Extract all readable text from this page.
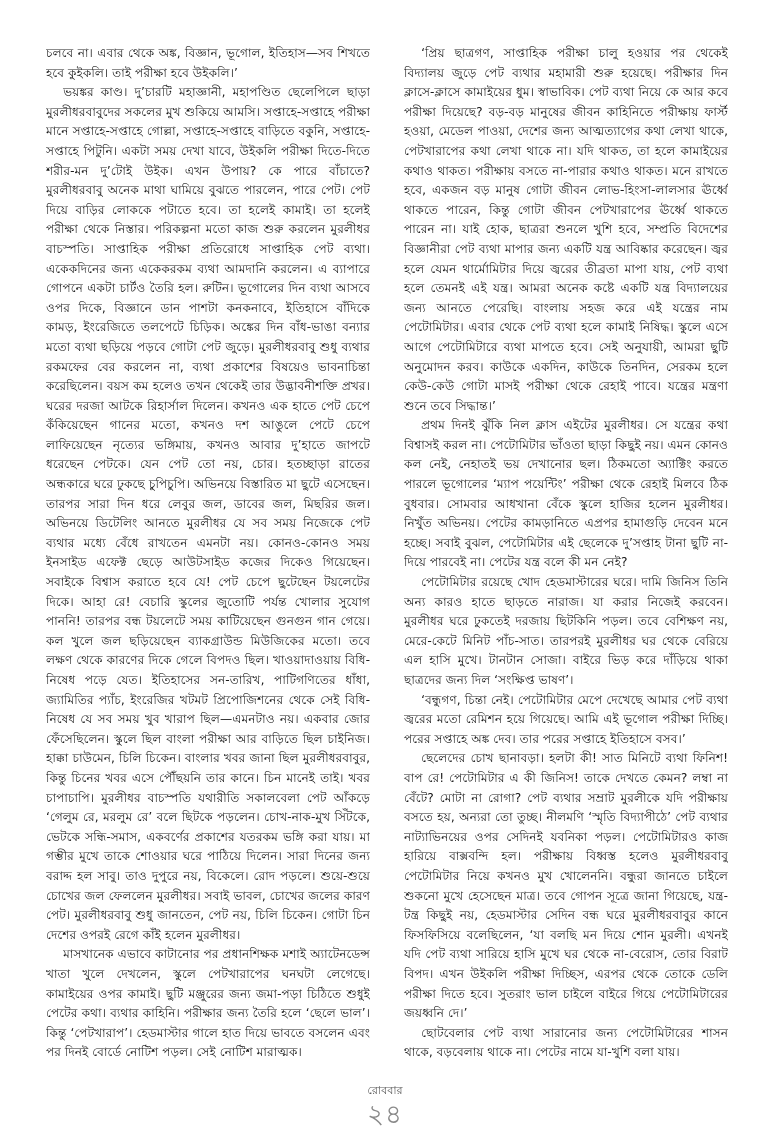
চলবে না। এবার থেকে অঙ্ক, বিজ্ঞান, ভূগোল, ইতিহাস—সব শিখতে হবে কুইকলি। তাই পরীক্ষা হবে উইকলি।’

ভয়ঙ্কর কাণ্ড। দু’চারটি মহাজ্ঞানী, মহাপণ্ডিত ছেলেপিলে ছাড়া মুরলীধরবাবুদের সকলের মুখ শুকিয়ে আমসি। সপ্তাহে-সপ্তাহে পরীক্ষা মানে সপ্তাহে-সপ্তাহে গোল্লা, সপ্তাহে-সপ্তাহে বাড়িতে বকুনি, সপ্তাহে-সপ্তাহে পিটুনি। একটা সময় দেখা যাবে, উইকলি পরীক্ষা দিতে-দিতে শরীর-মন দু’টোই উইক। এখন উপায়? কে পারে বাঁচাতে? মুরলীধরবাবু অনেক মাথা ঘামিয়ে বুঝতে পারলেন, পারে পেট। পেট দিয়ে বাড়ির লোককে পটাতে হবে। তা হলেই কামাই। তা হলেই পরীক্ষা থেকে নিস্তার। পরিকল্পনা মতো কাজ শুরু করলেন মুরলীধর বাচস্পতি। সাপ্তাহিক পরীক্ষা প্রতিরোধে সাপ্তাহিক পেট ব্যথা। একেকদিনের জন্য একেকরকম ব্যথা আমদানি করলেন। এ ব্যাপারে গোপনে একটা চার্টও তৈরি হল। রুটিন। ভূগোলের দিন ব্যথা আসবে ওপর দিকে, বিজ্ঞানে ডান পাশটা কনকনাবে, ইতিহাসে বাঁদিকে কামড়, ইংরেজিতে তলপেটে চিড়িক। অঙ্কের দিন বাঁধ-ভাঙা বন্যার মতো ব্যথা ছড়িয়ে পড়বে গোটা পেট জুড়ে। মুরলীধরবাবু শুধু ব্যথার রকমফের বের করলেন না, ব্যথা প্রকাশের বিষয়েও ভাবনাচিন্তা করেছিলেন। বয়স কম হলেও তখন থেকেই তার উদ্ভাবনীশক্তি প্রখর। ঘরের দরজা আটকে রিহার্সাল দিলেন। কখনও এক হাতে পেট চেপে কঁকিয়েছেন গানের মতো, কখনও দশ আঙুলে পেটে চেপে লাফিয়েছেন নৃত্যের ভঙ্গিমায়, কখনও আবার দু’হাতে জাপটে ধরেছেন পেটকে। যেন পেট তো নয়, চোর। হতচ্ছাড়া রাতের অন্ধকারে ঘরে ঢুকছে চুপিচুপি। অভিনয়ে বিস্তারিত মা ছুটে এসেছেন। তারপর সারা দিন ধরে লেবুর জল, ডাবের জল, মিছরির জল। অভিনয়ে ডিটেলিং আনতে মুরলীধর যে সব সময় নিজেকে পেট ব্যথার মধ্যে বেঁধে রাখতেন এমনটা নয়। কোনও-কোনও সময় ইনসাইড এফেক্ট ছেড়ে আউটসাইড কজের দিকেও গিয়েছেন। সবাইকে বিশ্বাস করাতে হবে যে! পেট চেপে ছুটেছেন টয়লেটের দিকে। আহা রে! বেচারি স্কুলের জুতোটি পর্যন্ত খোলার সুযোগ পাননি! তারপর বন্ধ টয়লেটে সময় কাটিয়েছেন গুনগুন গান গেয়ে। কল খুলে জল ছড়িয়েছেন ব্যাকগ্রাউন্ড মিউজিকের মতো। তবে লক্ষণ থেকে কারণের দিকে গেলে বিপদও ছিল। খাওয়াদাওয়ায় বিধি-নিষেধ পড়ে যেত। ইতিহাসের সন-তারিখ, পাটিগণিতের ধাঁধা, জ্যামিতির প্যাঁচ, ইংরেজির খটমট প্রিপোজিশনের থেকে সেই বিধি-নিষেধ যে সব সময় খুব খারাপ ছিল—এমনটাও নয়। একবার জোর ফেঁসেছিলেন। স্কুলে ছিল বাংলা পরীক্ষা আর বাড়িতে ছিল চাইনিজ। হাক্কা চাউমেন, চিলি চিকেন। বাংলার খবর জানা ছিল মুরলীধরবাবুর, কিন্তু চিনের খবর এসে পৌঁছয়নি তার কানে। চিন মানেই তাই। খবর চাপাচাপি। মুরলীধর বাচস্পতি যথারীতি সকালবেলা পেট আঁকড়ে ‘গেলুম রে, মরলুম রে’ বলে ছিটকে পড়লেন। চোখ-নাক-মুখ সিঁটকে, ভেটকে সন্ধি-সমাস, একবর্ণের প্রকাশের যতরকম ভঙ্গি করা যায়। মা গম্ভীর মুখে তাকে শোওয়ার ঘরে পাঠিয়ে দিলেন। সারা দিনের জন্য বরাদ্দ হল সাবু। তাও দুপুরে নয়, বিকেলে। রোদ পড়লে। শুয়ে-শুয়ে চোখের জল ফেললেন মুরলীধর। সবাই ভাবল, চোখের জলের কারণ পেট। মুরলীধরবাবু শুধু জানতেন, পেট নয়, চিলি চিকেন। গোটা চিন দেশের ওপরই রেগে কাঁই হলেন মুরলীধর।

মাসখানেক এভাবে কাটানোর পর প্রধানশিক্ষক মশাই অ্যাটেনডেন্স খাতা খুলে দেখলেন, স্কুলে পেটখারাপের ঘনঘটা লেগেছে। কামাইয়ের ওপর কামাই। ছুটি মঞ্জুরের জন্য জমা-পড়া চিঠিতে শুধুই পেটের কথা। ব্যথার কাহিনি। পরীক্ষার জন্য তৈরি হলে ‘ছেলে ভাল’। কিন্তু ‘পেটখারাপ’। হেডমাস্টার গালে হাত দিয়ে ভাবতে বসলেন এবং পর দিনই বোর্ডে নোটিশ পড়ল। সেই নোটিশ মারাত্মক।

‘প্রিয় ছাত্রগণ, সাপ্তাহিক পরীক্ষা চালু হওয়ার পর থেকেই বিদ্যালয় জুড়ে পেট ব্যথার মহামারী শুরু হয়েছে। পরীক্ষার দিন ক্লাসে-ক্লাসে কামাইয়ের ধুম। স্বাভাবিক। পেট ব্যথা নিয়ে কে আর কবে পরীক্ষা দিয়েছে? বড়-বড় মানুষের জীবন কাহিনিতে পরীক্ষায় ফার্স্ট হওয়া, মেডেল পাওয়া, দেশের জন্য আত্মত্যাগের কথা লেখা থাকে, পেটখারাপের কথা লেখা থাকে না। যদি থাকত, তা হলে কামাইয়ের কথাও থাকত। পরীক্ষায় বসতে না-পারার কথাও থাকত। মনে রাখতে হবে, একজন বড় মানুষ গোটা জীবন লোভ-হিংসা-লালসার ঊর্ধ্বে থাকতে পারেন, কিন্তু গোটা জীবন পেটখারাপের ঊর্ধ্বে থাকতে পারেন না। যাই হোক, ছাত্ররা শুনলে খুশি হবে, সম্প্রতি বিদেশের বিজ্ঞানীরা পেট ব্যথা মাপার জন্য একটি যন্ত্র আবিষ্কার করেছেন। জ্বর হলে যেমন থার্মোমিটার দিয়ে জ্বরের তীব্রতা মাপা যায়, পেট ব্যথা হলে তেমনই এই যন্ত্র। আমরা অনেক কষ্টে একটি যন্ত্র বিদ্যালয়ের জন্য আনতে পেরেছি। বাংলায় সহজ করে এই যন্ত্রের নাম পেটোমিটার। এবার থেকে পেট ব্যথা হলে কামাই নিষিদ্ধ। স্কুলে এসে আগে পেটোমিটারে ব্যথা মাপতে হবে। সেই অনুযায়ী, আমরা ছুটি অনুমোদন করব। কাউকে একদিন, কাউকে তিনদিন, সেরকম হলে কেউ-কেউ গোটা মাসই পরীক্ষা থেকে রেহাই পাবে। যন্ত্রের মন্ত্রণা শুনে তবে সিদ্ধান্ত।’

প্রথম দিনই ঝুঁকি নিল ক্লাস এইটের মুরলীধর। সে যন্ত্রের কথা বিশ্বাসই করল না। পেটোমিটার ভাঁওতা ছাড়া কিছুই নয়। এমন কোনও কল নেই, নেহাতই ভয় দেখানোর ছল। ঠিকমতো অ্যাক্টিং করতে পারলে ভূগোলের ‘ম্যাপ পয়েন্টিং’ পরীক্ষা থেকে রেহাই মিলবে ঠিক বুধবার। সোমবার আধখানা বেঁকে স্কুলে হাজির হলেন মুরলীধর। নিখুঁত অভিনয়। পেটের কামড়ানিতে এপ্রপর হামাগুড়ি দেবেন মনে হচ্ছে। সবাই বুঝল, পেটোমিটার এই ছেলেকে দু’সপ্তাহ টানা ছুটি না-দিয়ে পারবেই না। পেটের যন্ত্র বলে কী মন নেই?

পেটোমিটার রয়েছে খোদ হেডমাস্টারের ঘরে। দামি জিনিস তিনি অন্য কারও হাতে ছাড়তে নারাজ। যা করার নিজেই করবেন। মুরলীধর ঘরে ঢুকতেই দরজায় ছিটকিনি পড়ল। তবে বেশিক্ষণ নয়, মেরে-কেটে মিনিট পাঁচ-সাত। তারপরই মুরলীধর ঘর থেকে বেরিয়ে এল হাসি মুখে। টানটান সোজা। বাইরে ভিড় করে দাঁড়িয়ে থাকা ছাত্রদের জন্য দিল ‘সংক্ষিপ্ত ভাষণ’।

‘বন্ধুগণ, চিন্তা নেই। পেটোমিটার মেপে দেখেছে আমার পেট ব্যথা জ্বরের মতো রেমিশন হয়ে গিয়েছে। আমি এই ভূগোল পরীক্ষা দিচ্ছি। পরের সপ্তাহে অঙ্ক দেব। তার পরের সপ্তাহে ইতিহাসে বসব।’

ছেলেদের চোখ ছানাবড়া। হলটা কী! সাত মিনিটে ব্যথা ফিনিশ! বাপ রে! পেটোমিটার এ কী জিনিস! তাকে দেখতে কেমন? লম্বা না বেঁটে? মোটা না রোগা? পেট ব্যথার সম্রাট মুরলীকে যদি পরীক্ষায় বসতে হয়, অন্যরা তো তুচ্ছ। নীলমণি ‘স্মৃতি বিদ্যাপীঠে’ পেট ব্যথার নাট্যাভিনয়ের ওপর সেদিনই যবনিকা পড়ল। পেটোমিটারও কাজ হারিয়ে বাক্সবন্দি হল। পরীক্ষায় বিধ্বস্ত হলেও মুরলীধরবাবু পেটোমিটার নিয়ে কখনও মুখ খোলেননি। বন্ধুরা জানতে চাইলে শুকনো মুখে হেসেছেন মাত্র। তবে গোপন সূত্রে জানা গিয়েছে, যন্ত্র-টন্ত্র কিছুই নয়, হেডমাস্টার সেদিন বন্ধ ঘরে মুরলীধরবাবুর কানে ফিসফিসিয়ে বলেছিলেন, ‘যা বলছি মন দিয়ে শোন মুরলী। এখনই যদি পেট ব্যথা সারিয়ে হাসি মুখে ঘর থেকে না-বেরোস, তোর বিরাট বিপদ। এখন উইকলি পরীক্ষা দিচ্ছিস, এরপর থেকে তোকে ডেলি পরীক্ষা দিতে হবে। সুতরাং ভাল চাইলে বাইরে গিয়ে পেটোমিটারের জয়ধ্বনি দে।’

ছোটবেলার পেট ব্যথা সারানোর জন্য পেটোমিটারের শাসন থাকে, বড়বেলায় থাকে না। পেটের নামে যা-খুশি বলা যায়।

রোববার
২৪
